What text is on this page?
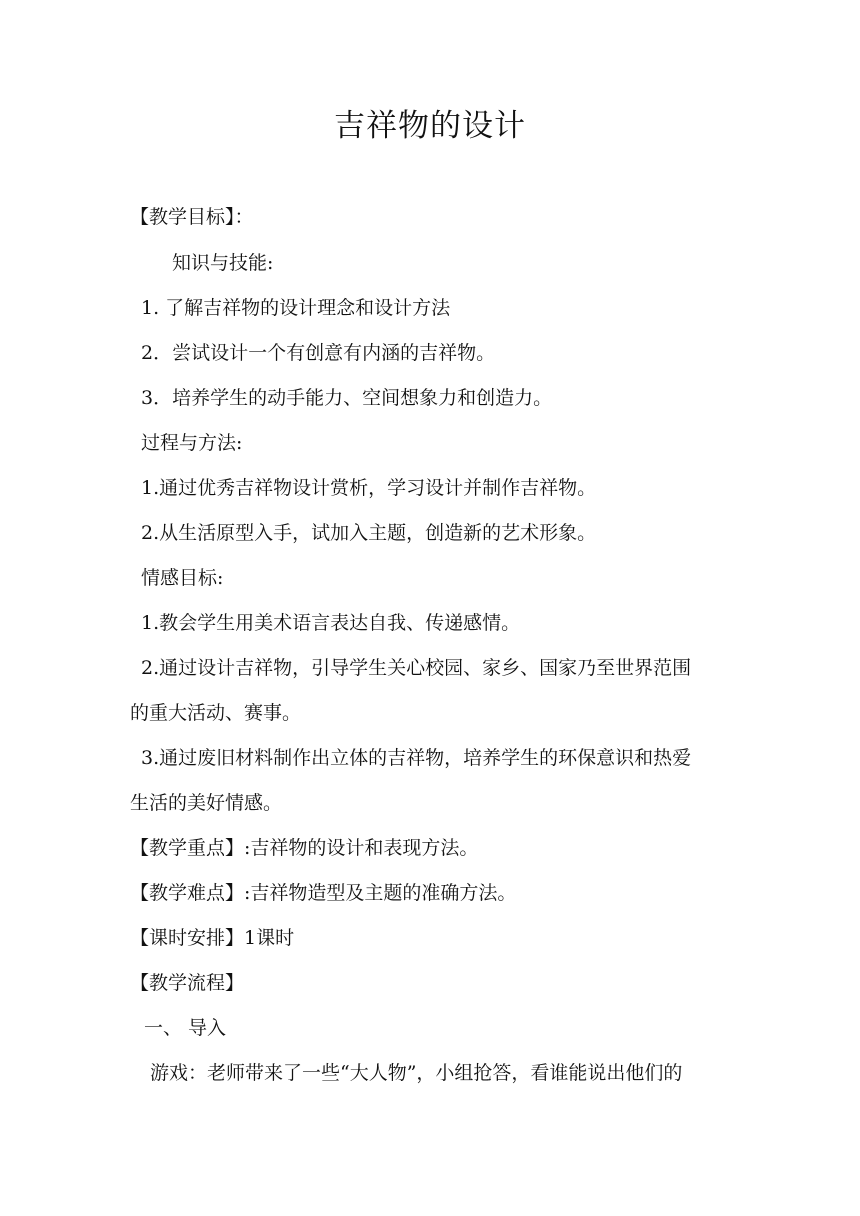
吉祥物的设计
【教学目标】：
知识与技能:
1. 了解吉祥物的设计理念和设计方法
2．尝试设计一个有创意有内涵的吉祥物。
3．培养学生的动手能力、空间想象力和创造力。
过程与方法:
1.通过优秀吉祥物设计赏析，学习设计并制作吉祥物。
2.从生活原型入手，试加入主题，创造新的艺术形象。
情感目标:
1.教会学生用美术语言表达自我、传递感情。
2.通过设计吉祥物，引导学生关心校园、家乡、国家乃至世界范围
的重大活动、赛事。
3.通过废旧材料制作出立体的吉祥物，培养学生的环保意识和热爱
生活的美好情感。
【教学重点】:吉祥物的设计和表现方法。
【教学难点】:吉祥物造型及主题的准确方法。
【课时安排】1课时
【教学流程】
一、 导入
游戏：老师带来了一些“大人物”，小组抢答，看谁能说出他们的
